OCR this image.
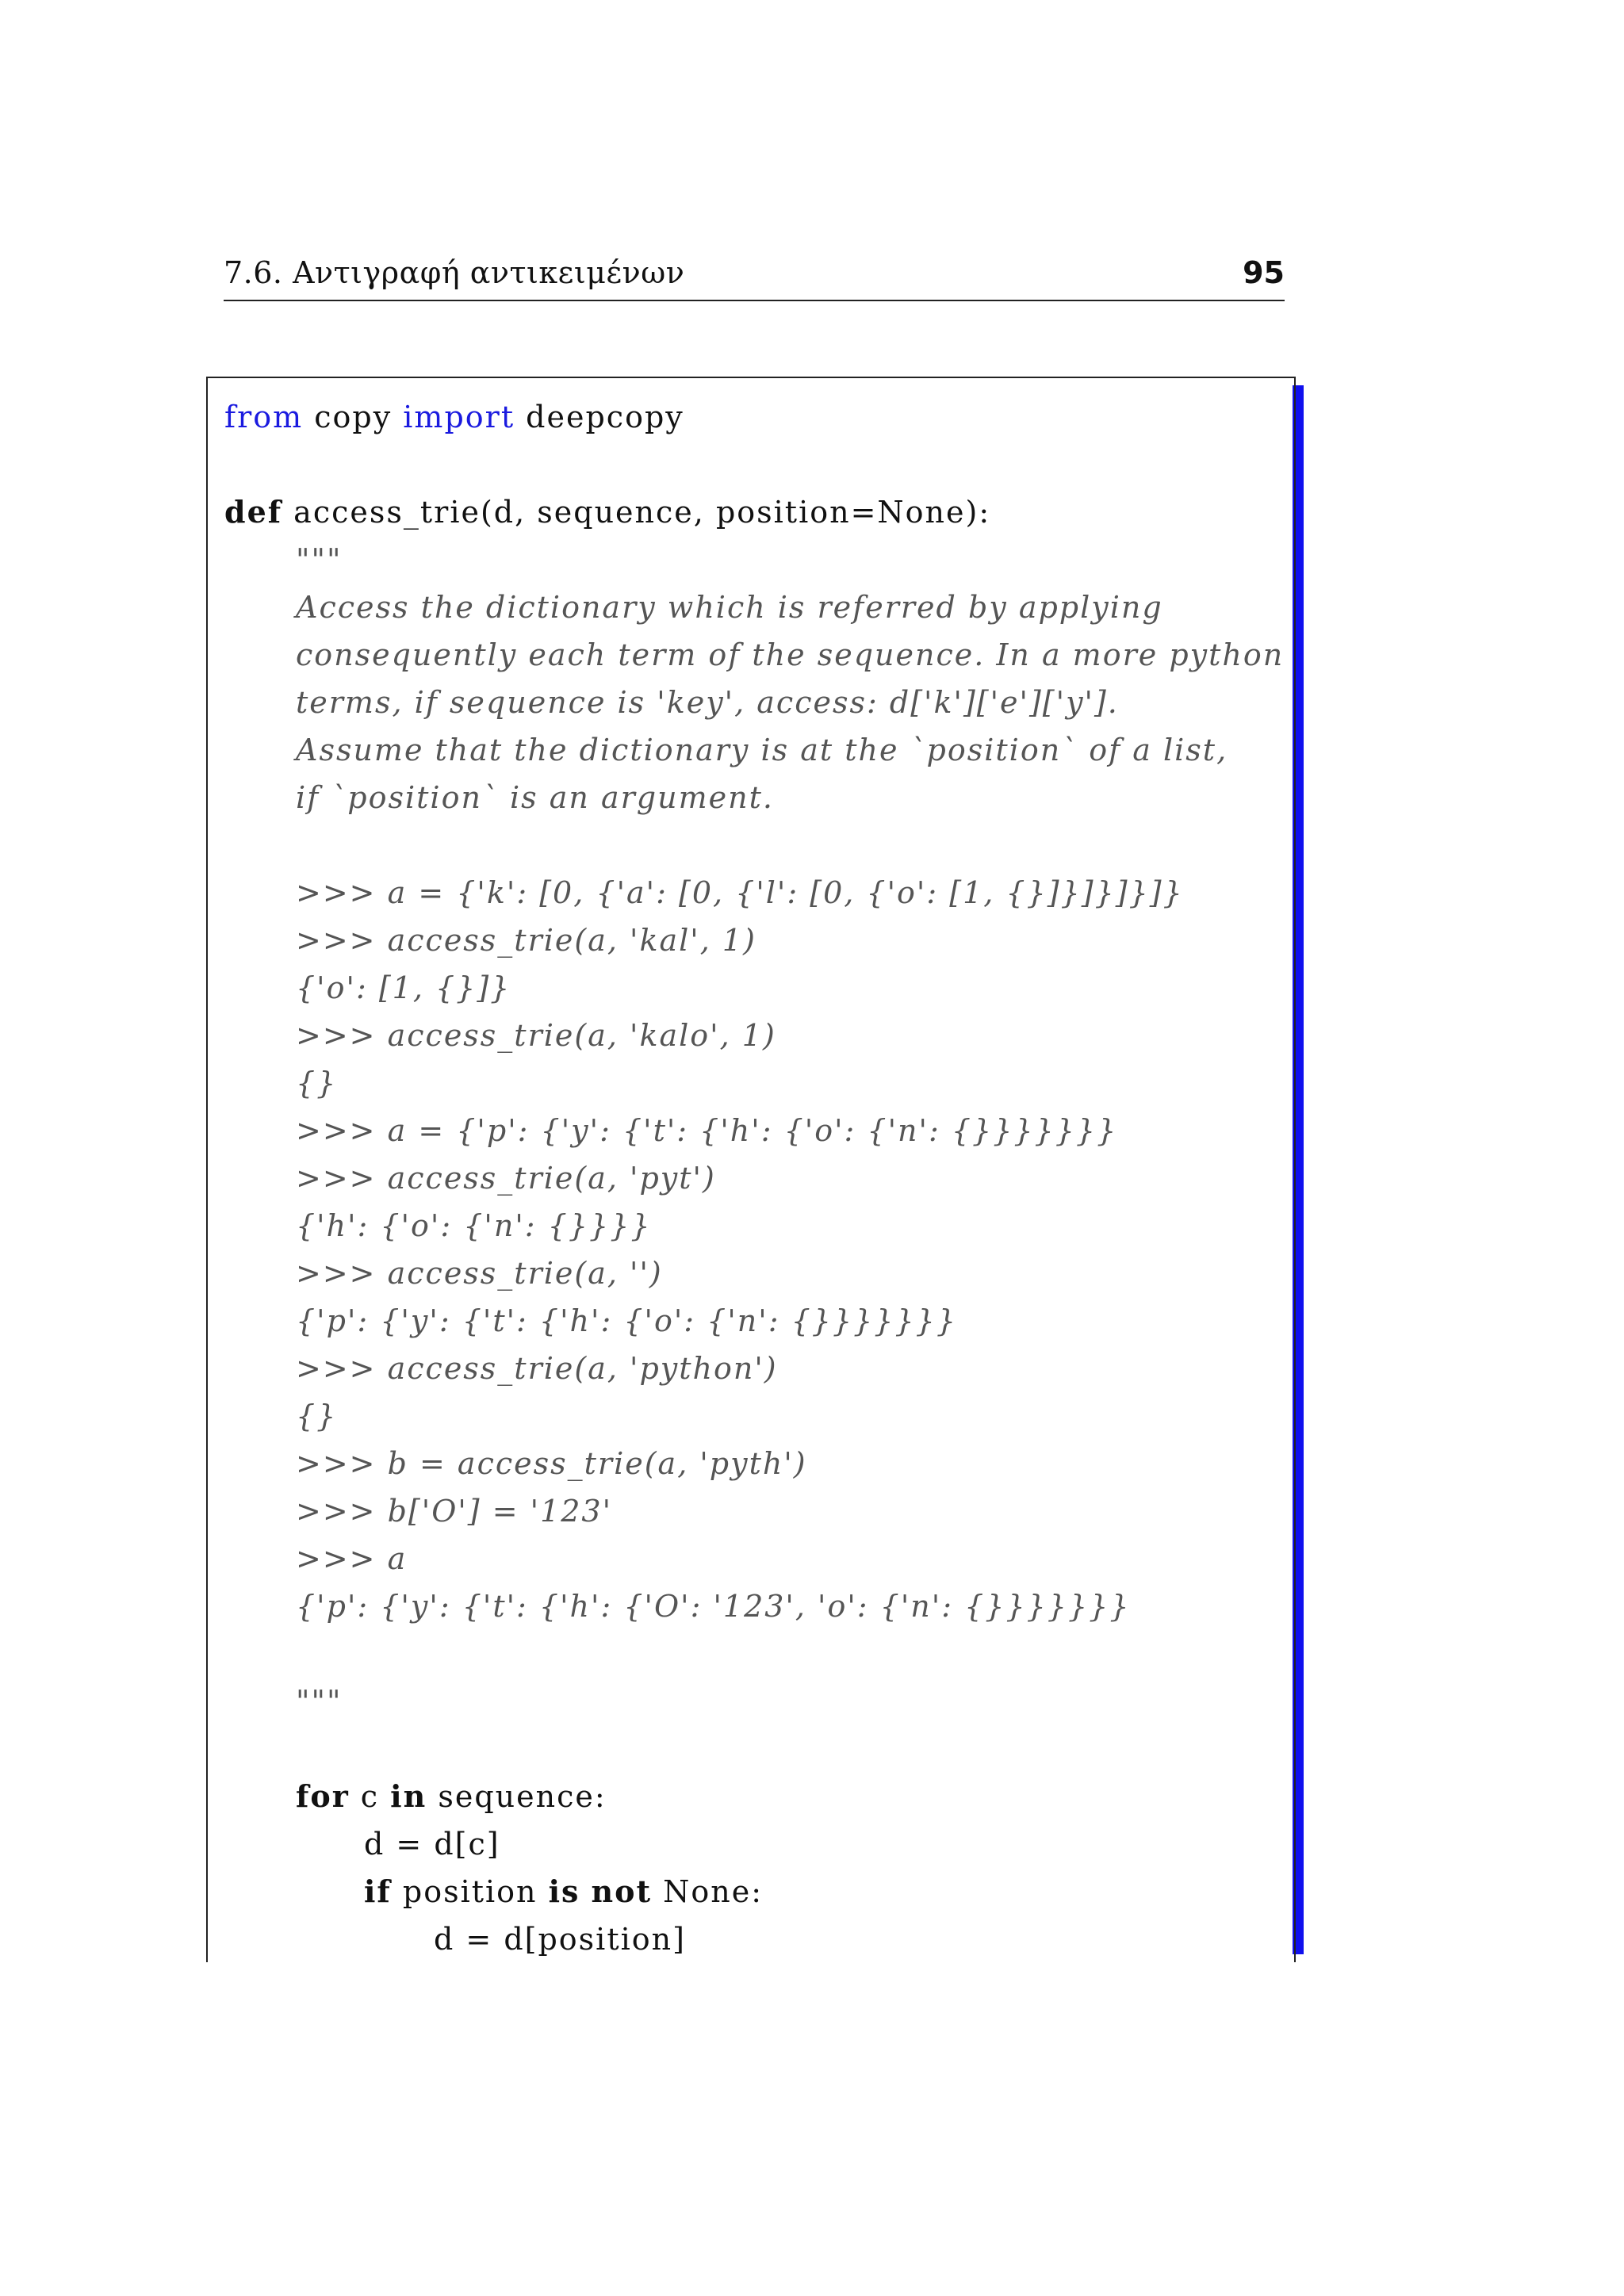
7.6. Αντιγραφή αντικειμένων	95
from copy import deepcopy
def access_trie(d, sequence, position=None):
"""
Access the dictionary which is referred by applying
consequently each term of the sequence. In a more python
terms, if sequence is 'key', access: d['k']['e']['y'].
Assume that the dictionary is at the `position` of a list,
if `position` is an argument.
>>> a = {'k': [0, {'a': [0, {'l': [0, {'o': [1, {}]}]}]}]}
>>> access_trie(a, 'kal', 1)
{'o': [1, {}]}
>>> access_trie(a, 'kalo', 1)
{}
>>> a = {'p': {'y': {'t': {'h': {'o': {'n': {}}}}}}}
>>> access_trie(a, 'pyt')
{'h': {'o': {'n': {}}}}
>>> access_trie(a, '')
{'p': {'y': {'t': {'h': {'o': {'n': {}}}}}}}
>>> access_trie(a, 'python')
{}
>>> b = access_trie(a, 'pyth')
>>> b['O'] = '123'
>>> a
{'p': {'y': {'t': {'h': {'O': '123', 'o': {'n': {}}}}}}}
"""
for c in sequence:
d = d[c]
if position is not None:
d = d[position]
